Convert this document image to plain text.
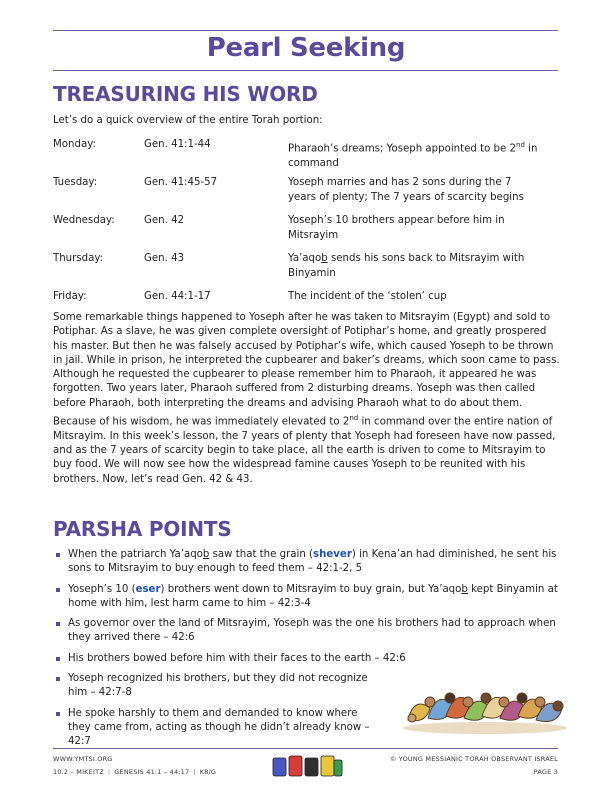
Pearl Seeking
TREASURING HIS WORD
Let’s do a quick overview of the entire Torah portion:
Monday:	Gen. 41:1-44	Pharaoh’s dreams; Yoseph appointed to be 2nd in
command
Tuesday:	Gen. 41:45-57	Yoseph marries and has 2 sons during the 7
years of plenty; The 7 years of scarcity begins
Wednesday:	Gen. 42	Yoseph’s 10 brothers appear before him in
Mitsrayim
Thursday:	Gen. 43	Ya’aqob sends his sons back to Mitsrayim with
Binyamin
Friday:	Gen. 44:1-17	The incident of the ‘stolen’ cup

Some remarkable things happened to Yoseph after he was taken to Mitsrayim (Egypt) and sold to Potiphar. As a slave, he was given complete oversight of Potiphar’s home, and greatly prospered his master. But then he was falsely accused by Potiphar’s wife, which caused Yoseph to be thrown in jail. While in prison, he interpreted the cupbearer and baker’s dreams, which soon came to pass. Although he requested the cupbearer to please remember him to Pharaoh, it appeared he was forgotten. Two years later, Pharaoh suffered from 2 disturbing dreams. Yoseph was then called before Pharaoh, both interpreting the dreams and advising Pharaoh what to do about them. Because of his wisdom, he was immediately elevated to 2nd in command over the entire nation of Mitsrayim. In this week’s lesson, the 7 years of plenty that Yoseph had foreseen have now passed, and as the 7 years of scarcity begin to take place, all the earth is driven to come to Mitsrayim to buy food. We will now see how the widespread famine causes Yoseph to be reunited with his brothers. Now, let’s read Gen. 42 & 43.

PARSHA POINTS
When the patriarch Ya’aqob saw that the grain (shever) in Kena’an had diminished, he sent his sons to Mitsrayim to buy enough to feed them – 42:1-2, 5
Yoseph’s 10 (eser) brothers went down to Mitsrayim to buy grain, but Ya’aqob kept Binyamin at home with him, lest harm came to him – 42:3-4
As governor over the land of Mitsrayim, Yoseph was the one his brothers had to approach when they arrived there – 42:6
His brothers bowed before him with their faces to the earth – 42:6
Yoseph recognized his brothers, but they did not recognize him – 42:7-8
He spoke harshly to them and demanded to know where they came from, acting as though he didn’t already know – 42:7
WWW.YMTSI.ORG
10.2 – MIKEITZ | GENESIS 41:1 – 44:17 | K8/G
© YOUNG MESSIANIC TORAH OBSERVANT ISRAEL
PAGE 3
